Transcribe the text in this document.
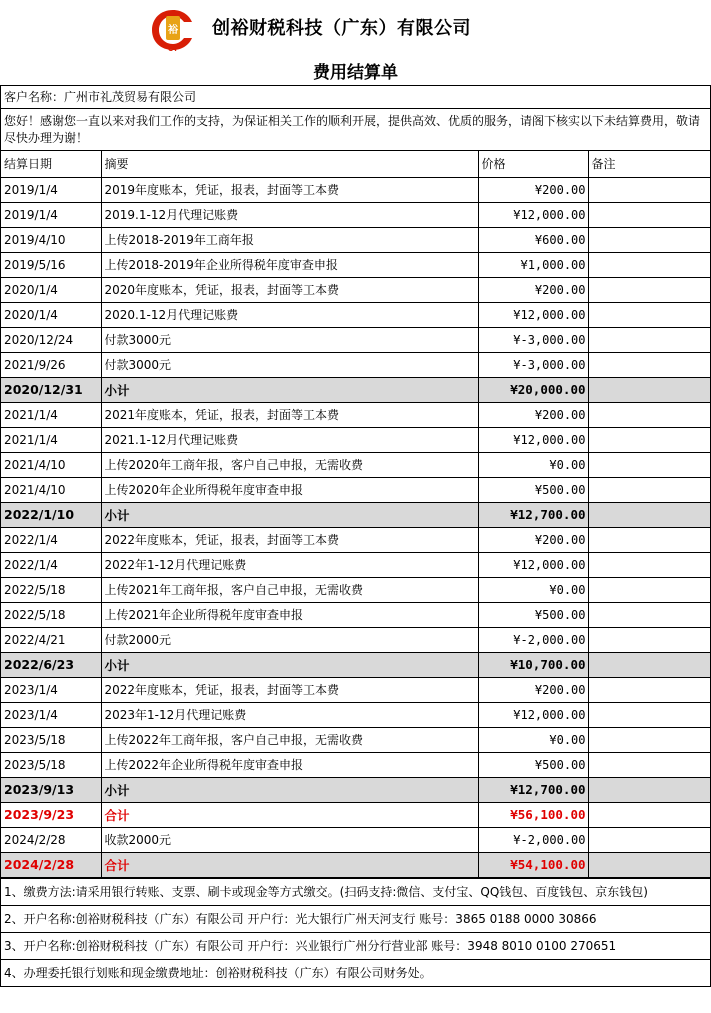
裕
CY
创裕财税科技（广东）有限公司
费用结算单
客户名称：广州市礼茂贸易有限公司
您好！感谢您一直以来对我们工作的支持，为保证相关工作的顺利开展，提供高效、优质的服务，请阁下核实以下未结算费用，敬请尽快办理为谢！
结算日期	摘要	价格	备注
2019/1/4	2019年度账本，凭证，报表，封面等工本费	¥200.00	
2019/1/4	2019.1-12月代理记账费	¥12,000.00	
2019/4/10	上传2018-2019年工商年报	¥600.00	
2019/5/16	上传2018-2019年企业所得税年度审查申报	¥1,000.00	
2020/1/4	2020年度账本，凭证，报表，封面等工本费	¥200.00	
2020/1/4	2020.1-12月代理记账费	¥12,000.00	
2020/12/24	付款3000元	¥-3,000.00	
2021/9/26	付款3000元	¥-3,000.00	
2020/12/31	小计	¥20,000.00	
2021/1/4	2021年度账本，凭证，报表，封面等工本费	¥200.00	
2021/1/4	2021.1-12月代理记账费	¥12,000.00	
2021/4/10	上传2020年工商年报，客户自己申报，无需收费	¥0.00	
2021/4/10	上传2020年企业所得税年度审查申报	¥500.00	
2022/1/10	小计	¥12,700.00	
2022/1/4	2022年度账本，凭证，报表，封面等工本费	¥200.00	
2022/1/4	2022年1-12月代理记账费	¥12,000.00	
2022/5/18	上传2021年工商年报，客户自己申报，无需收费	¥0.00	
2022/5/18	上传2021年企业所得税年度审查申报	¥500.00	
2022/4/21	付款2000元	¥-2,000.00	
2022/6/23	小计	¥10,700.00	
2023/1/4	2022年度账本，凭证，报表，封面等工本费	¥200.00	
2023/1/4	2023年1-12月代理记账费	¥12,000.00	
2023/5/18	上传2022年工商年报，客户自己申报，无需收费	¥0.00	
2023/5/18	上传2022年企业所得税年度审查申报	¥500.00	
2023/9/13	小计	¥12,700.00	
2023/9/23	合计	¥56,100.00	
2024/2/28	收款2000元	¥-2,000.00	
2024/2/28	合计	¥54,100.00	
1、缴费方法:请采用银行转账、支票、刷卡或现金等方式缴交。(扫码支持:微信、支付宝、QQ钱包、百度钱包、京东钱包)
2、开户名称:创裕财税科技（广东）有限公司 开户行：光大银行广州天河支行 账号：3865 0188 0000 30866
3、开户名称:创裕财税科技（广东）有限公司 开户行：兴业银行广州分行营业部 账号：3948 8010 0100 270651
4、办理委托银行划账和现金缴费地址：创裕财税科技（广东）有限公司财务处。
